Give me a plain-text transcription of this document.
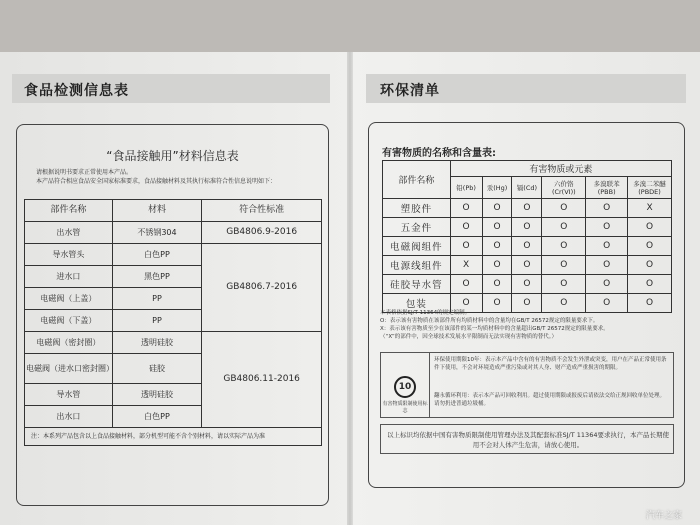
食品检测信息表
“食品接触用”材料信息表
请根据说明书要求正常使用本产品。
本产品符合相应食品安全国家标准要求，食品接触材料及其执行标准符合性信息说明如下：
部件名称	材料	符合性标准
出水管	不锈钢304	GB4806.9-2016
导水管头	白色PP	GB4806.7-2016
进水口	黑色PP	
电磁阀（上盖）	PP	
电磁阀（下盖）	PP	
电磁阀（密封圈）	透明硅胶	GB4806.11-2016
电磁阀（进水口密封圈）	硅胶	
导水管	透明硅胶	
出水口	白色PP	
注：本系列产品包含以上食品接触材料，部分机型可能不含个别材料，请以实际产品为准		
环保清单
有害物质的名称和含量表:
部件名称	有害物质或元素					
	铅(Pb)	汞(Hg)	镉(Cd)	六价铬(Cr(VI))	多溴联苯(PBB)	多溴二苯醚(PBDE)
塑胶件	O	O	O	O	O	X
五金件	O	O	O	O	O	O
电磁阀组件	O	O	O	O	O	O
电源线组件	X	O	O	O	O	O
硅胶导水管	O	O	O	O	O	O
包装	O	O	O	O	O	O
本表格依据SJ/T 11364的规定编制。
O：表示该有害物质在该部件所有均质材料中的含量均在GB/T 26572规定的限量要求下。
X：表示该有害物质至少在该部件的某一均质材料中的含量超出GB/T 26572规定的限量要求。
（“X”的部件中，因全球技术发展水平限制而无法实现有害物质的替代。）
10
有害物质限制使用标志
环保使用期限10年：表示本产品中含有的有害物质不会发生外泄或突变，用户在产品正常使用条件下使用，不会对环境造成严重污染或对其人身、财产造成严重损害的期限。
翻永循环利用：表示本产品可回收利用。超过使用期限或报废后请依法交给正规回收单位处理。请勿扔进普通垃圾桶。
以上标识均依据中国有害物质限制使用管理办法及其配套标准SJ/T 11364要求执行，本产品长期使用不会对人体产生危害，请放心使用。
汽车之家
